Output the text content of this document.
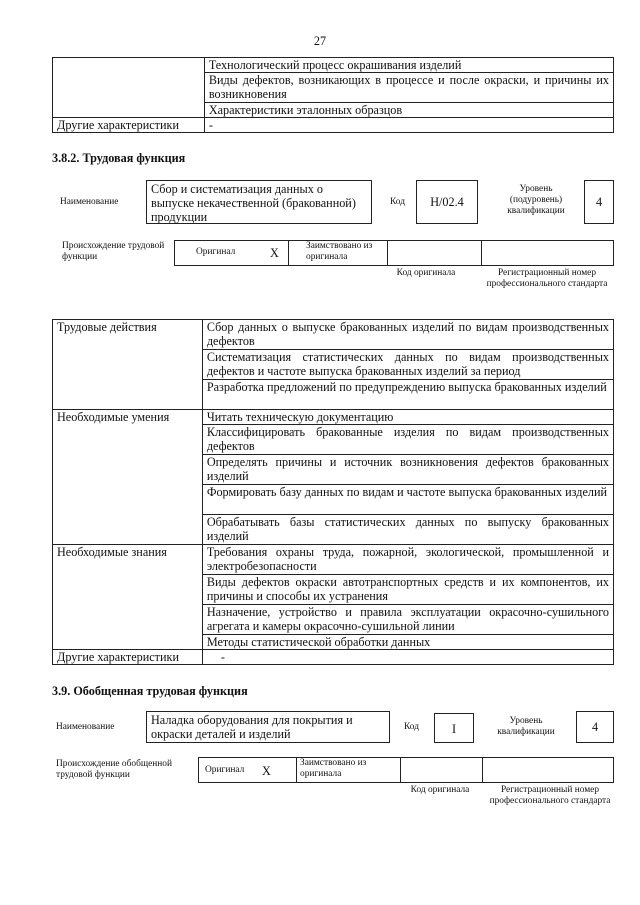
27
	Технологический процесс окрашивания изделий
	Виды дефектов, возникающих в процессе и после окраски, и причины их возникновения
	Характеристики эталонных образцов
Другие характеристики	-
3.8.2. Трудовая функция
Наименование
Сбор и систематизация данных о выпуске некачественной (бракованной) продукции
Код	H/02.4
Уровень (подуровень) квалификации
4
Происхождение трудовой функции	Оригинал	X	Заимствовано из оригинала
Код оригинала	Регистрационный номер профессионального стандарта
Трудовые действия	Сбор данных о выпуске бракованных изделий по видам производственных дефектов
	Систематизация статистических данных по видам производственных дефектов и частоте выпуска бракованных изделий за период
	Разработка предложений по предупреждению выпуска бракованных изделий
Необходимые умения	Читать техническую документацию
	Классифицировать бракованные изделия по видам производственных дефектов
	Определять причины и источник возникновения дефектов бракованных изделий
	Формировать базу данных по видам и частоте выпуска бракованных изделий
	Обрабатывать базы статистических данных по выпуску бракованных изделий
Необходимые знания	Требования охраны труда, пожарной, экологической, промышленной и электробезопасности
	Виды дефектов окраски автотранспортных средств и их компонентов, их причины и способы их устранения
	Назначение, устройство и правила эксплуатации окрасочно-сушильного агрегата и камеры окрасочно-сушильной линии
	Методы статистической обработки данных
Другие характеристики	-
3.9. Обобщенная трудовая функция
Наименование	Наладка оборудования для покрытия и окраски деталей и изделий	Код	I
Уровень квалификации	4
Происхождение обобщенной трудовой функции	Оригинал	X
Заимствовано из оригинала
Код оригинала	Регистрационный номер профессионального стандарта
